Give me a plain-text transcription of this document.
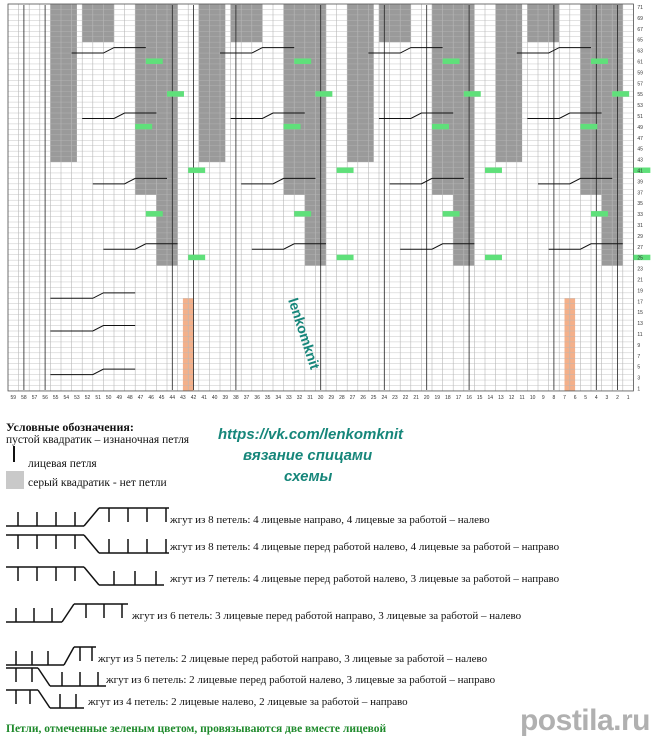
71
69
67
65
63
61
59
57
55
53
51
49
47
45
43
41
39
37
35
33
31
29
27
25
23
21
19
17
15
13
11
9
7
5
3
1
59 58 57 56 55 54 53 52 51 50 49 48 47 46 45 44 43 42 41 40 39 38 37 36 35 34 33 32 31 30 29 28 27 26 25 24 23 22 21 20 19 18 17 16 15 14 13 12 11 10 9 8 7 6 5 4 3 2 1
lenkomknit
Условные обозначения:
пустой квадратик – изнаночная петля
лицевая петля
серый квадратик - нет петли
https://vk.com/lenkomknit
вязание спицами
схемы
жгут из 8 петель: 4 лицевые направо, 4 лицевые за работой – налево
жгут из 8 петель: 4 лицевые перед работой налево, 4 лицевые за работой – направо
жгут из 7 петель: 4 лицевые перед работой налево, 3 лицевые за работой – направо
жгут из 6 петель: 3 лицевые перед работой направо, 3 лицевые за работой – налево
жгут из 5 петель: 2 лицевые перед работой направо, 3 лицевые за работой – налево
жгут из 6 петель: 2 лицевые перед работой налево, 3 лицевые за работой – направо
жгут из 4 петель: 2 лицевые налево, 2 лицевые за работой – направо
Петли, отмеченные зеленым цветом, провязываются две вместе лицевой	postila.ru
